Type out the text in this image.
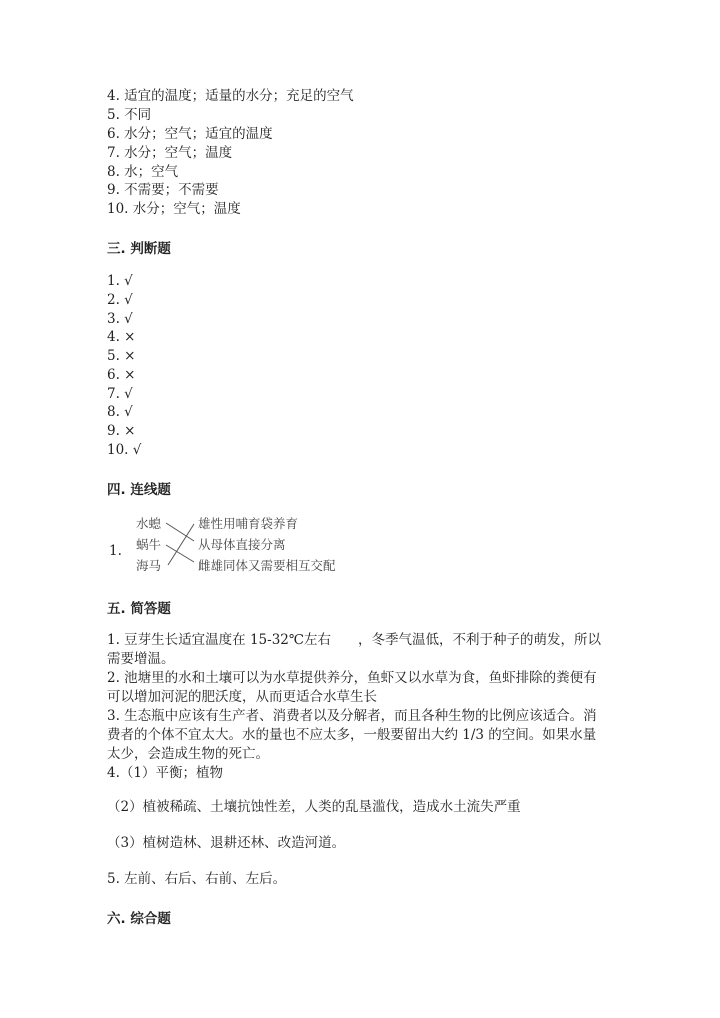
4. 适宜的温度；适量的水分；充足的空气
5. 不同
6. 水分；空气；适宜的温度
7. 水分；空气；温度
8. 水；空气
9. 不需要；不需要
10. 水分；空气；温度
三. 判断题
1. √
2. √
3. √
4. ×
5. ×
6. ×
7. √
8. √
9. ×
10. √
四. 连线题
1.
水螅
蜗牛
海马
雄性用哺育袋养育
从母体直接分离
雌雄同体又需要相互交配
五. 简答题
1. 豆芽生长适宜温度在 15-32℃左右　　，冬季气温低，不利于种子的萌发，所以需要增温。
2. 池塘里的水和土壤可以为水草提供养分，鱼虾又以水草为食，鱼虾排除的粪便有可以增加河泥的肥沃度，从而更适合水草生长
3. 生态瓶中应该有生产者、消费者以及分解者，而且各种生物的比例应该适合。消费者的个体不宜太大。水的量也不应太多，一般要留出大约 1/3 的空间。如果水量太少，会造成生物的死亡。
4.（1）平衡；植物
（2）植被稀疏、土壤抗蚀性差，人类的乱垦滥伐，造成水土流失严重
（3）植树造林、退耕还林、改造河道。
5. 左前、右后、右前、左后。
六. 综合题
